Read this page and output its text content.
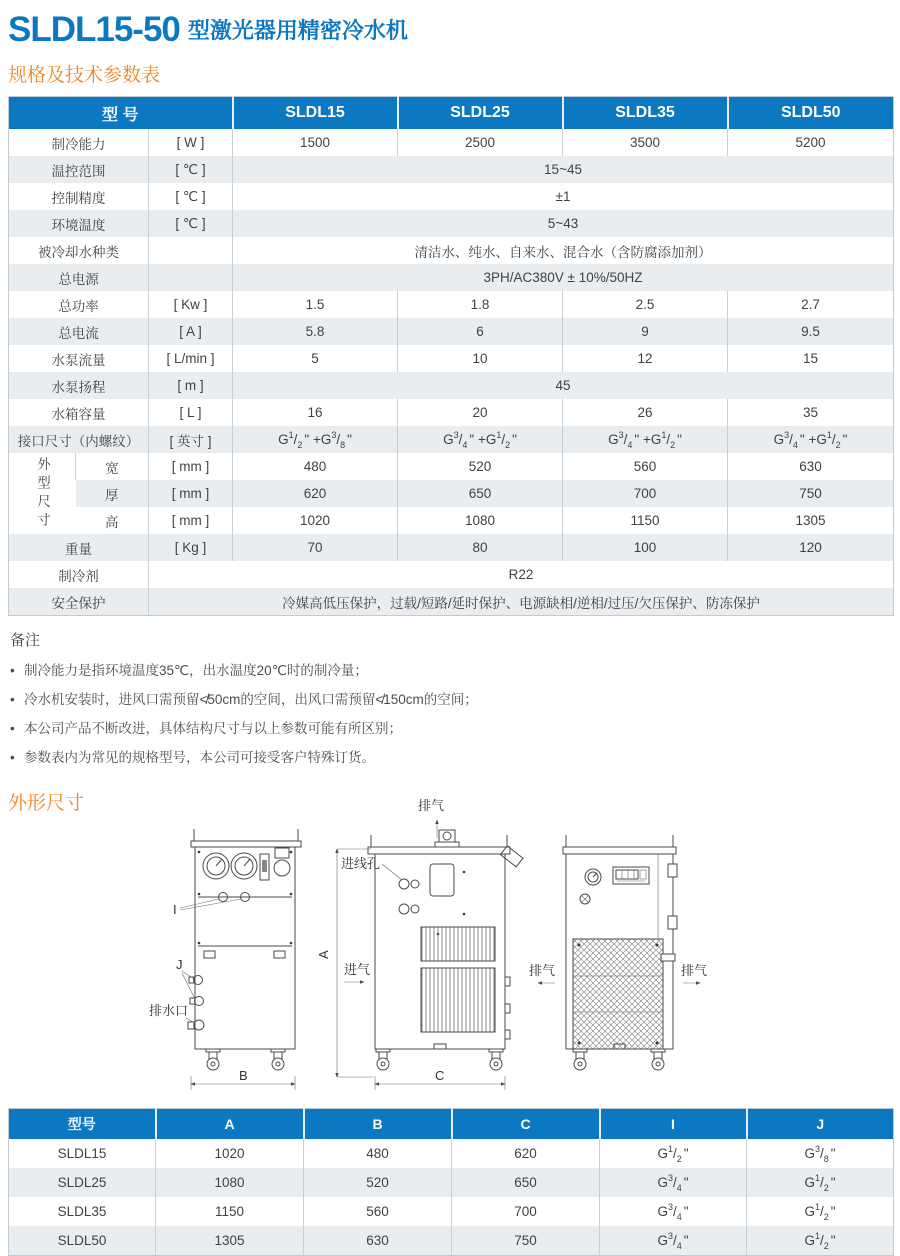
SLDL15-50 型激光器用精密冷水机
规格及技术参数表
型 号			SLDL15	SLDL25	SLDL35	SLDL50
制冷能力		[ W ]	1500	2500	3500	5200
温控范围		[ ℃ ]	15~45			
控制精度		[ ℃ ]	±1			
环境温度		[ ℃ ]	5~43			
被冷却水种类			清洁水、纯水、自来水、混合水（含防腐添加剂）			
总电源			3PH/AC380V ± 10%/50HZ			
总功率		[ Kw ]	1.5	1.8	2.5	2.7
总电流		[ A ]	5.8	6	9	9.5
水泵流量		[ L/min ]	5	10	12	15
水泵扬程		[ m ]	45			
水箱容量		[ L ]	16	20	26	35
接口尺寸（内螺纹）		[ 英寸 ]	$G^1/_2$ " $+G^3/_8$ "	$G^3/_4$ " $+G^1/_2$ "	$G^3/_4$ " $+G^1/_2$ "	$G^3/_4$ " $+G^1/_2$ "
外型尺寸	宽	[ mm ]	480	520	560	630
	厚	[ mm ]	620	650	700	750
	高	[ mm ]	1020	1080	1150	1305
重量		[ Kg ]	70	80	100	120
制冷剂		R22				
安全保护		冷媒高低压保护，过载/短路/延时保护、电源缺相/逆相/过压/欠压保护、防冻保护				
备注
• 制冷能力是指环境温度35℃，出水温度20℃时的制冷量；
• 冷水机安装时，进风口需预留≮50cm的空间，出风口需预留≮150cm的空间；
• 本公司产品不断改进，具体结构尺寸与以上参数可能有所区别；
• 参数表内为常见的规格型号，本公司可接受客户特殊订货。
外形尺寸
I
J
排水口
B
排气
进线孔
进气
A
C
排气	排气
型号	A	B	C	I	J
SLDL15	1020	480	620	$G^1/_2$ "	$G^3/_8$ "
SLDL25	1080	520	650	$G^3/_4$ "	$G^1/_2$ "
SLDL35	1150	560	700	$G^3/_4$ "	$G^1/_2$ "
SLDL50	1305	630	750	$G^3/_4$ "	$G^1/_2$ "
